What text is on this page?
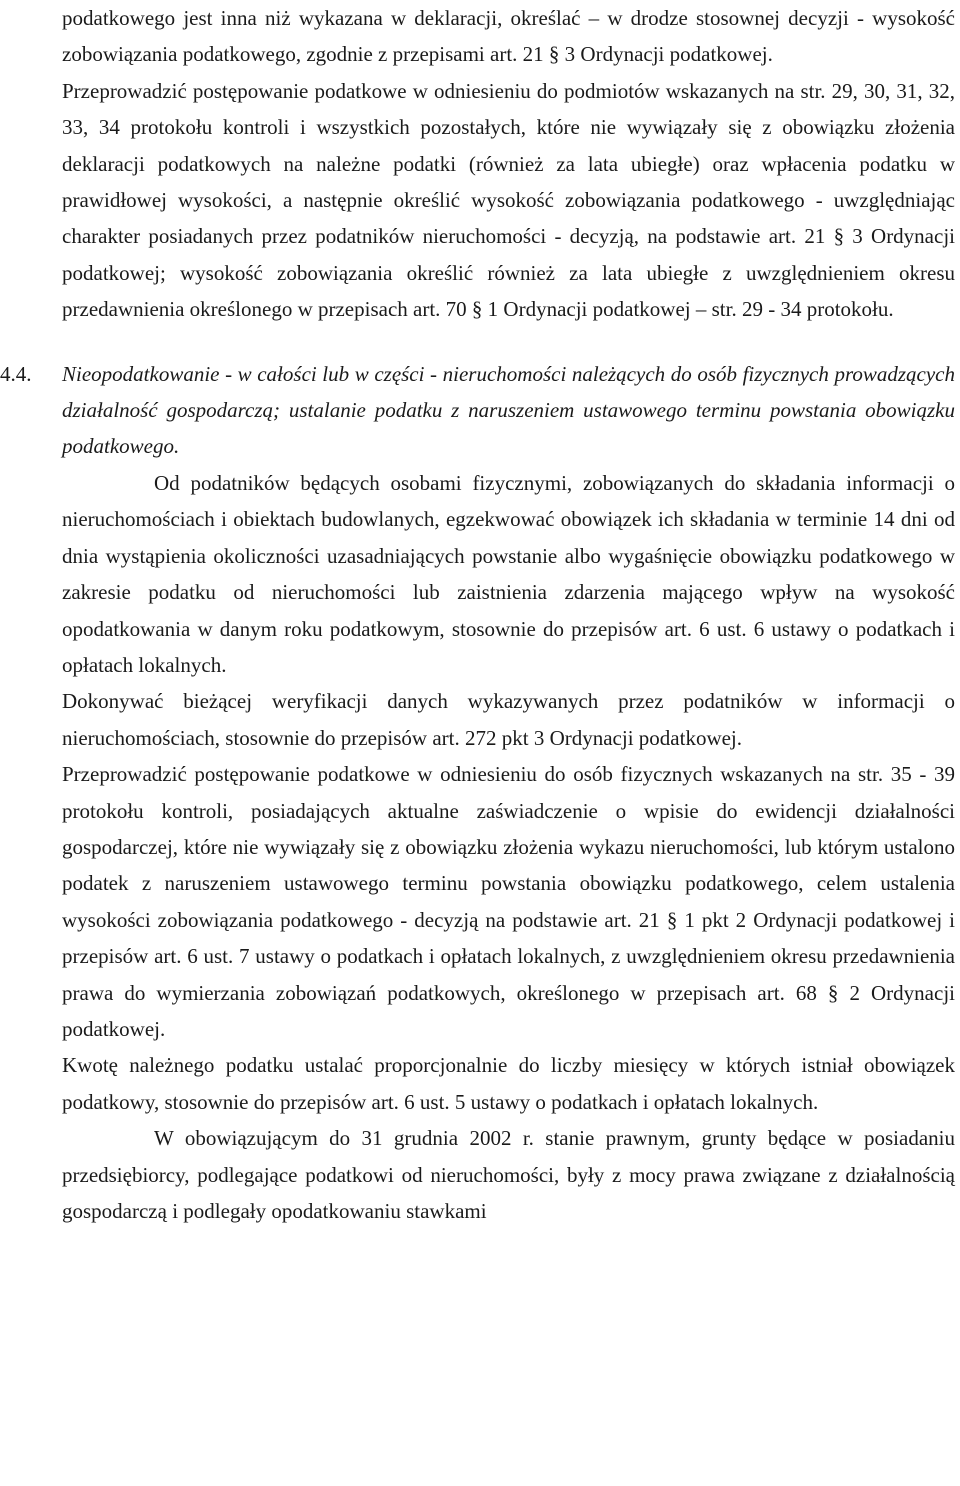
podatkowego jest inna niż wykazana w deklaracji, określać – w drodze stosownej decyzji - wysokość zobowiązania podatkowego, zgodnie z przepisami art. 21 § 3 Ordynacji podatkowej.

Przeprowadzić postępowanie podatkowe w odniesieniu do podmiotów wskazanych na str. 29, 30, 31, 32, 33, 34 protokołu kontroli i wszystkich pozostałych, które nie wywiązały się z obowiązku złożenia deklaracji podatkowych na należne podatki (również za lata ubiegłe) oraz wpłacenia podatku w prawidłowej wysokości, a następnie określić wysokość zobowiązania podatkowego - uwzględniając charakter posiadanych przez podatników nieruchomości - decyzją, na podstawie art. 21 § 3 Ordynacji podatkowej; wysokość zobowiązania określić również za lata ubiegłe z uwzględnieniem okresu przedawnienia określonego w przepisach art. 70 § 1 Ordynacji podatkowej – str. 29 - 34 protokołu.

4.4. Nieopodatkowanie - w całości lub w części - nieruchomości należących do osób fizycznych prowadzących działalność gospodarczą; ustalanie podatku z naruszeniem ustawowego terminu powstania obowiązku podatkowego.

Od podatników będących osobami fizycznymi, zobowiązanych do składania informacji o nieruchomościach i obiektach budowlanych, egzekwować obowiązek ich składania w terminie 14 dni od dnia wystąpienia okoliczności uzasadniających powstanie albo wygaśnięcie obowiązku podatkowego w zakresie podatku od nieruchomości lub zaistnienia zdarzenia mającego wpływ na wysokość opodatkowania w danym roku podatkowym, stosownie do przepisów art. 6 ust. 6 ustawy o podatkach i opłatach lokalnych.

Dokonywać bieżącej weryfikacji danych wykazywanych przez podatników w informacji o nieruchomościach, stosownie do przepisów art. 272 pkt 3 Ordynacji podatkowej.

Przeprowadzić postępowanie podatkowe w odniesieniu do osób fizycznych wskazanych na str. 35 - 39 protokołu kontroli, posiadających aktualne zaświadczenie o wpisie do ewidencji działalności gospodarczej, które nie wywiązały się z obowiązku złożenia wykazu nieruchomości, lub którym ustalono podatek z naruszeniem ustawowego terminu powstania obowiązku podatkowego, celem ustalenia wysokości zobowiązania podatkowego - decyzją na podstawie art. 21 § 1 pkt 2 Ordynacji podatkowej i przepisów art. 6 ust. 7 ustawy o podatkach i opłatach lokalnych, z uwzględnieniem okresu przedawnienia prawa do wymierzania zobowiązań podatkowych, określonego w przepisach art. 68 § 2 Ordynacji podatkowej.

Kwotę należnego podatku ustalać proporcjonalnie do liczby miesięcy w których istniał obowiązek podatkowy, stosownie do przepisów art. 6 ust. 5 ustawy o podatkach i opłatach lokalnych.

W obowiązującym do 31 grudnia 2002 r. stanie prawnym, grunty będące w posiadaniu przedsiębiorcy, podlegające podatkowi od nieruchomości, były z mocy prawa związane z działalnością gospodarczą i podlegały opodatkowaniu stawkami
